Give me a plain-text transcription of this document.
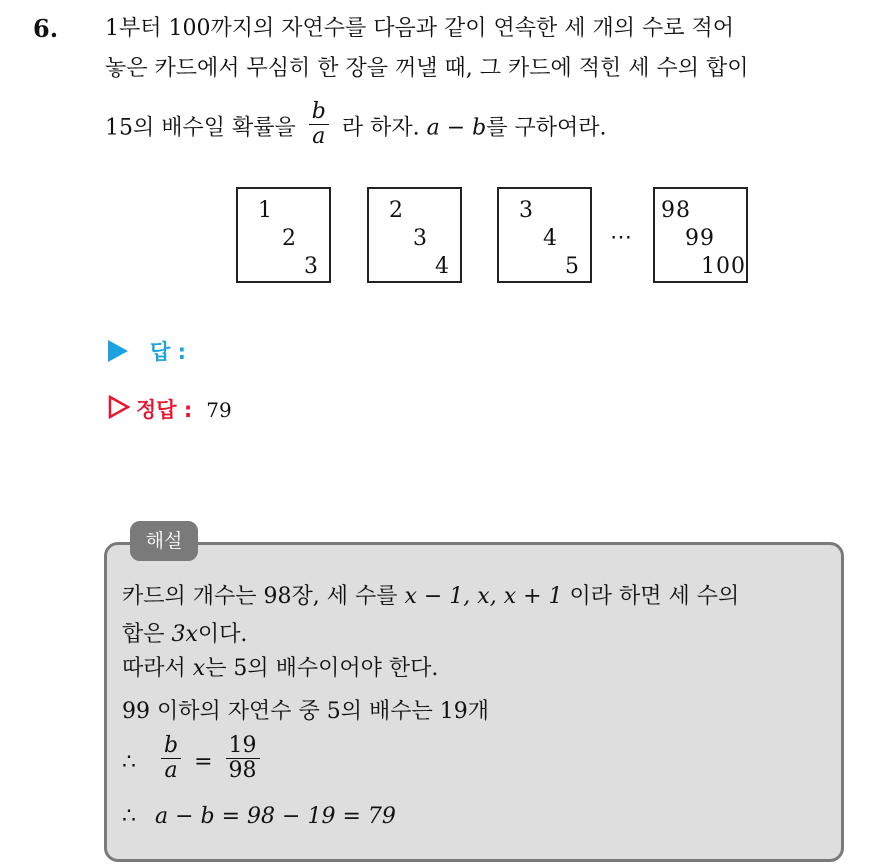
6. 1부터 100까지의 자연수를 다음과 같이 연속한 세 개의 수로 적어
놓은 카드에서 무심히 한 장을 꺼낼 때, 그 카드에 적힌 세 수의 합이
15의 배수일 확률을 $\frac{b}{a}$ 라 하자. a − b를 구하여라.
1
2
3
2
3
4
3
4
5
⋯
98
99
100
답 :
정답 : 79
해설
카드의 개수는 98장, 세 수를 x − 1, x, x + 1 이라 하면 세 수의
합은 3x이다.
따라서 x는 5의 배수이어야 한다.
99 이하의 자연수 중 5의 배수는 19개
∴ $\frac{b}{a} = \frac{19}{98}$
∴ a − b = 98 − 19 = 79
